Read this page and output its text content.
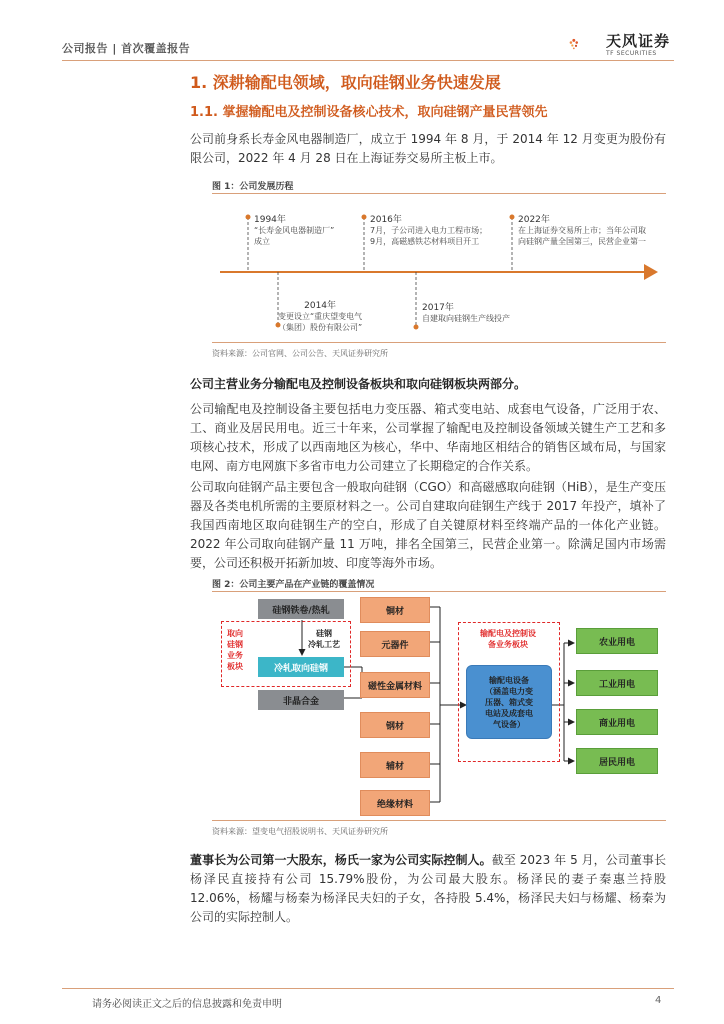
公司报告 | 首次覆盖报告	天风证券
TF SECURITIES
1. 深耕输配电领域，取向硅钢业务快速发展
1.1. 掌握输配电及控制设备核心技术，取向硅钢产量民营领先
公司前身系长寿金风电器制造厂，成立于 1994 年 8 月，于 2014 年 12 月变更为股份有限公司，2022 年 4 月 28 日在上海证券交易所主板上市。
图 1：公司发展历程
1994年
“长寿金风电器制造厂”
成立
2016年
7月，子公司进入电力工程市场；
9月，高磁感铁芯材料项目开工
2022年
在上海证券交易所上市；当年公司取
向硅钢产量全国第三，民营企业第一
2014年
变更设立“重庆望变电气
（集团）股份有限公司”
2017年
自建取向硅钢生产线投产
资料来源：公司官网、公司公告、天风证券研究所
公司主营业务分输配电及控制设备板块和取向硅钢板块两部分。
公司输配电及控制设备主要包括电力变压器、箱式变电站、成套电气设备，广泛用于农、工、商业及居民用电。近三十年来，公司掌握了输配电及控制设备领域关键生产工艺和多项核心技术，形成了以西南地区为核心，华中、华南地区相结合的销售区域布局，与国家电网、南方电网旗下多省市电力公司建立了长期稳定的合作关系。
公司取向硅钢产品主要包含一般取向硅钢（CGO）和高磁感取向硅钢（HiB），是生产变压器及各类电机所需的主要原材料之一。公司自建取向硅钢生产线于 2017 年投产，填补了我国西南地区取向硅钢生产的空白，形成了自关键原材料至终端产品的一体化产业链。2022 年公司取向硅钢产量 11 万吨，排名全国第三，民营企业第一。除满足国内市场需要，公司还积极开拓新加坡、印度等海外市场。
图 2：公司主要产品在产业链的覆盖情况
取向
硅钢
业务
板块
硅钢铁卷/热轧
硅钢
冷轧工艺
冷轧取向硅钢
非晶合金
铜材
元器件
磁性金属材料
钢材
辅材
绝缘材料
输配电及控制设
备业务板块
输配电设备
（涵盖电力变
压器、箱式变
电站及成套电
气设备）
农业用电
工业用电
商业用电
居民用电
资料来源：望变电气招股说明书、天风证券研究所
董事长为公司第一大股东，杨氏一家为公司实际控制人。截至 2023 年 5 月，公司董事长杨泽民直接持有公司 15.79%股份，为公司最大股东。杨泽民的妻子秦惠兰持股 12.06%，杨耀与杨秦为杨泽民夫妇的子女，各持股 5.4%，杨泽民夫妇与杨耀、杨秦为公司的实际控制人。
请务必阅读正文之后的信息披露和免责申明	4
